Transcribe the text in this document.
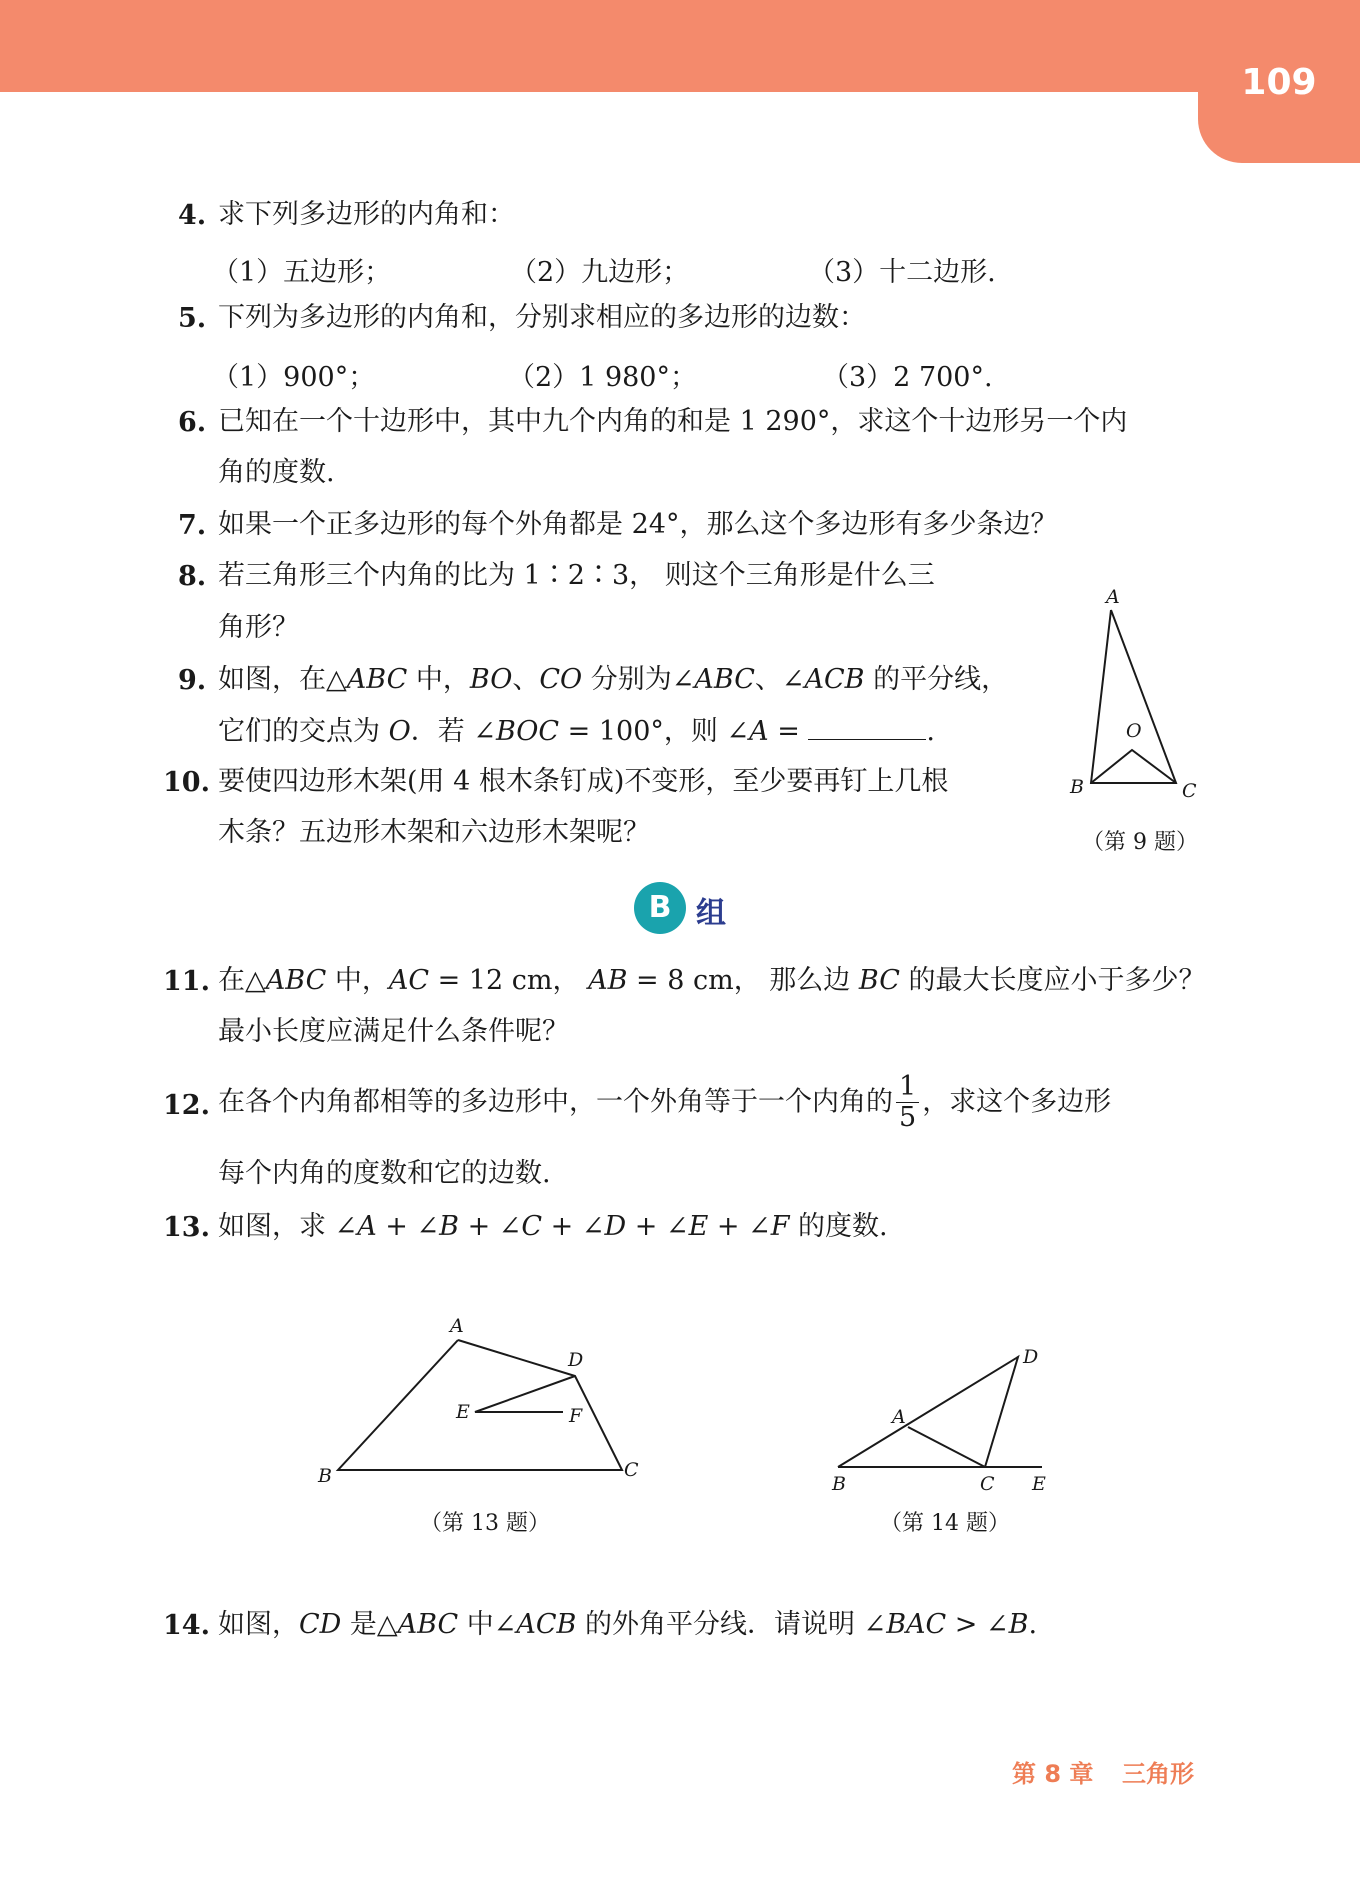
109
4. 求下列多边形的内角和：
（1）五边形；	（2）九边形；	（3）十二边形.
5. 下列为多边形的内角和，分别求相应的多边形的边数：
（1）900°；	（2）1 980°；	（3）2 700°.
6. 已知在一个十边形中，其中九个内角的和是 1 290°，求这个十边形另一个内
角的度数.
7. 如果一个正多边形的每个外角都是 24°，那么这个多边形有多少条边？
8. 若三角形三个内角的比为 1∶2∶3， 则这个三角形是什么三
角形？
9. 如图，在△ABC 中，BO、CO 分别为∠ABC、∠ACB 的平分线，
它们的交点为 O．若 ∠BOC = 100°，则 ∠A =	.
10. 要使四边形木架(用 4 根木条钉成)不变形，至少要再钉上几根
木条？五边形木架和六边形木架呢？
A
O
B	C
（第 9 题）
B 组
11. 在△ABC 中，AC = 12 cm， AB = 8 cm， 那么边 BC 的最大长度应小于多少？
最小长度应满足什么条件呢？
12. 在各个内角都相等的多边形中，一个外角等于一个内角的 $\frac{1}{5}$ ，求这个多边形
每个内角的度数和它的边数.
13. 如图，求 ∠A + ∠B + ∠C + ∠D + ∠E + ∠F 的度数.
A
D
E	F
B	C
（第 13 题）
D
A
B	C E
（第 14 题）
14. 如图，CD 是△ABC 中∠ACB 的外角平分线．请说明 ∠BAC > ∠B.
第 8 章 三角形
